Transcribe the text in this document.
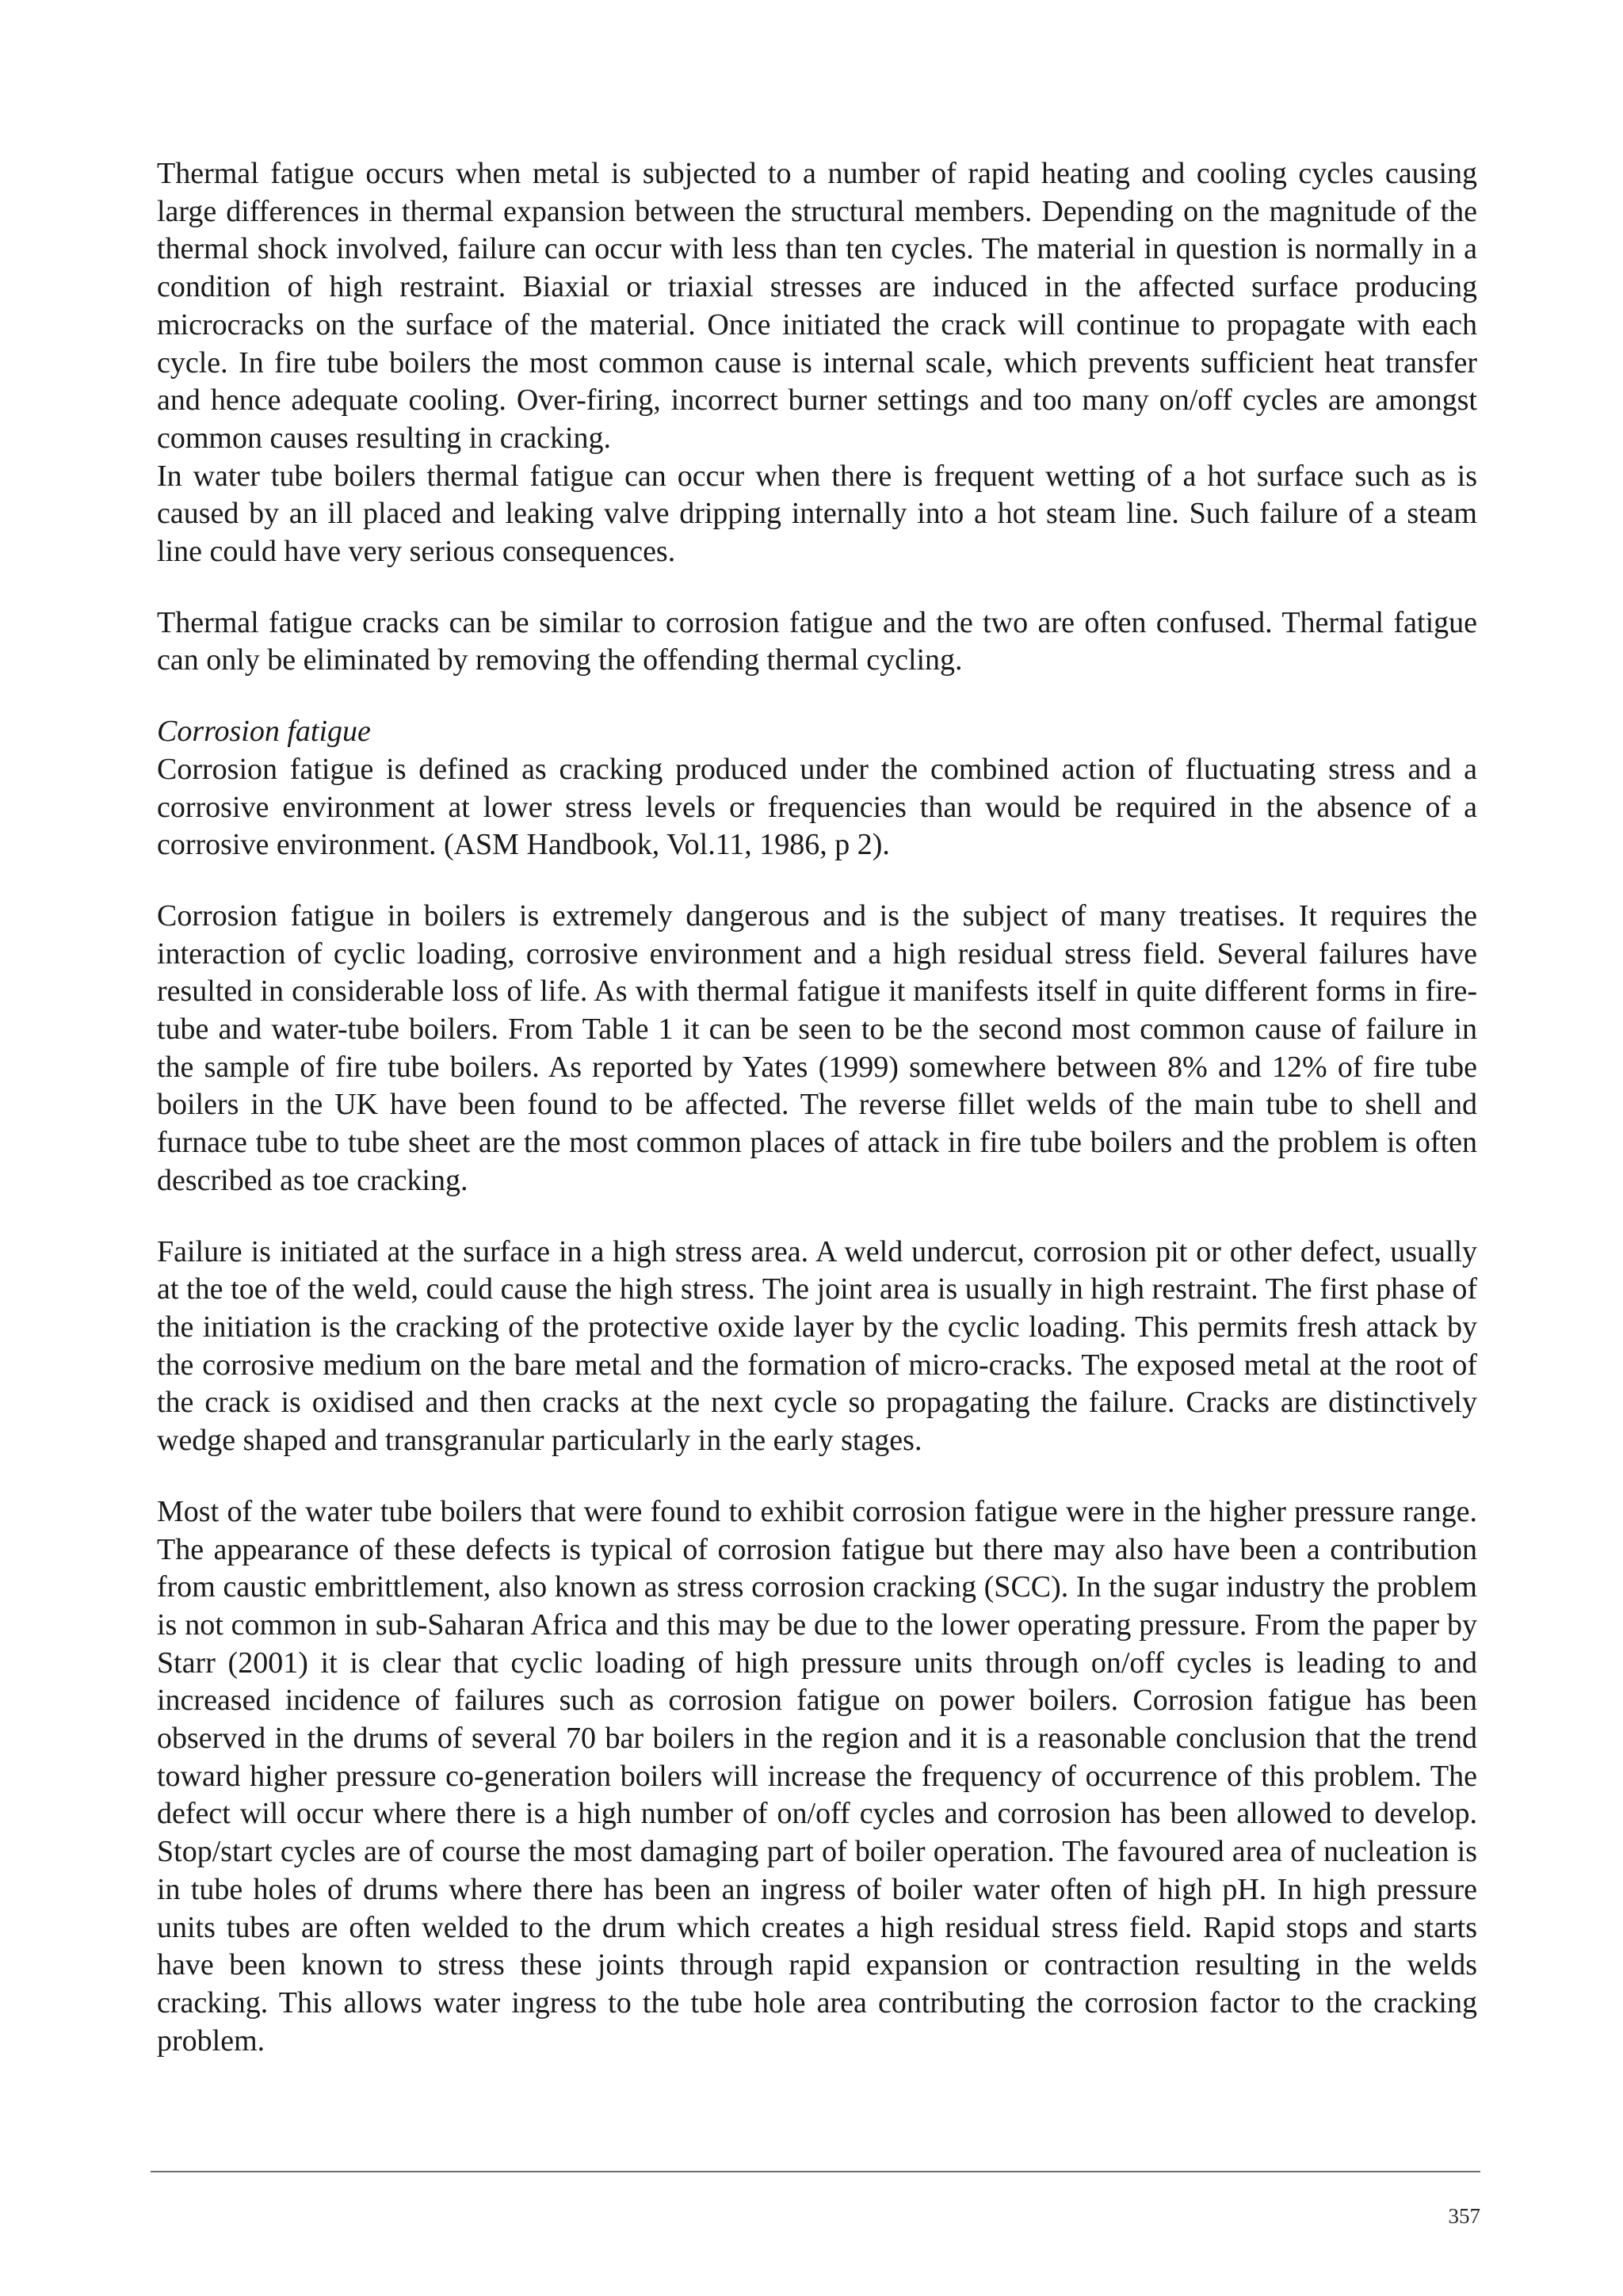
Thermal fatigue occurs when metal is subjected to a number of rapid heating and cooling cycles causing large differences in thermal expansion between the structural members. Depending on the magnitude of the thermal shock involved, failure can occur with less than ten cycles. The material in question is normally in a condition of high restraint. Biaxial or triaxial stresses are induced in the affected surface producing microcracks on the surface of the material. Once initiated the crack will continue to propagate with each cycle. In fire tube boilers the most common cause is internal scale, which prevents sufficient heat transfer and hence adequate cooling. Over-firing, incorrect burner settings and too many on/off cycles are amongst common causes resulting in cracking.

In water tube boilers thermal fatigue can occur when there is frequent wetting of a hot surface such as is caused by an ill placed and leaking valve dripping internally into a hot steam line. Such failure of a steam line could have very serious consequences.

Thermal fatigue cracks can be similar to corrosion fatigue and the two are often confused. Thermal fatigue can only be eliminated by removing the offending thermal cycling.

Corrosion fatigue

Corrosion fatigue is defined as cracking produced under the combined action of fluctuating stress and a corrosive environment at lower stress levels or frequencies than would be required in the absence of a corrosive environment. (ASM Handbook, Vol.11, 1986, p 2).

Corrosion fatigue in boilers is extremely dangerous and is the subject of many treatises. It requires the interaction of cyclic loading, corrosive environment and a high residual stress field. Several failures have resulted in considerable loss of life. As with thermal fatigue it manifests itself in quite different forms in fire-tube and water-tube boilers. From Table 1 it can be seen to be the second most common cause of failure in the sample of fire tube boilers. As reported by Yates (1999) somewhere between 8% and 12% of fire tube boilers in the UK have been found to be affected. The reverse fillet welds of the main tube to shell and furnace tube to tube sheet are the most common places of attack in fire tube boilers and the problem is often described as toe cracking.

Failure is initiated at the surface in a high stress area. A weld undercut, corrosion pit or other defect, usually at the toe of the weld, could cause the high stress. The joint area is usually in high restraint. The first phase of the initiation is the cracking of the protective oxide layer by the cyclic loading. This permits fresh attack by the corrosive medium on the bare metal and the formation of micro-cracks. The exposed metal at the root of the crack is oxidised and then cracks at the next cycle so propagating the failure. Cracks are distinctively wedge shaped and transgranular particularly in the early stages.

Most of the water tube boilers that were found to exhibit corrosion fatigue were in the higher pressure range. The appearance of these defects is typical of corrosion fatigue but there may also have been a contribution from caustic embrittlement, also known as stress corrosion cracking (SCC). In the sugar industry the problem is not common in sub-Saharan Africa and this may be due to the lower operating pressure. From the paper by Starr (2001) it is clear that cyclic loading of high pressure units through on/off cycles is leading to and increased incidence of failures such as corrosion fatigue on power boilers. Corrosion fatigue has been observed in the drums of several 70 bar boilers in the region and it is a reasonable conclusion that the trend toward higher pressure co-generation boilers will increase the frequency of occurrence of this problem. The defect will occur where there is a high number of on/off cycles and corrosion has been allowed to develop. Stop/start cycles are of course the most damaging part of boiler operation. The favoured area of nucleation is in tube holes of drums where there has been an ingress of boiler water often of high pH. In high pressure units tubes are often welded to the drum which creates a high residual stress field. Rapid stops and starts have been known to stress these joints through rapid expansion or contraction resulting in the welds cracking. This allows water ingress to the tube hole area contributing the corrosion factor to the cracking problem.

357
